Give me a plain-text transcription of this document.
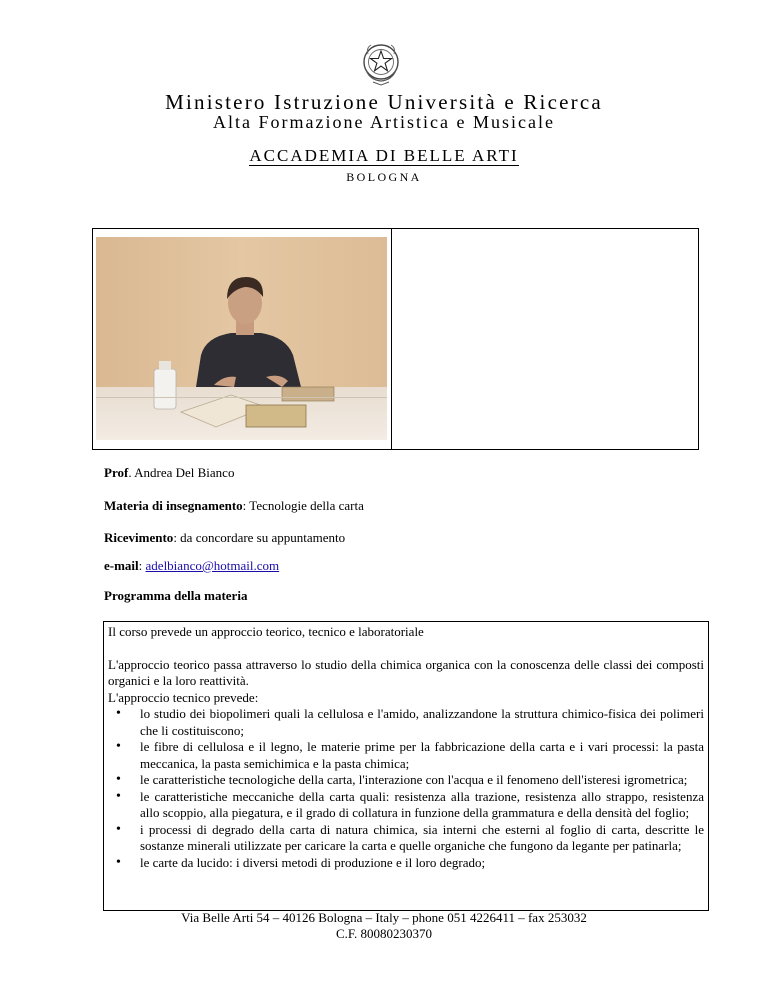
Ministero Istruzione Università e Ricerca
Alta Formazione Artistica e Musicale
ACCADEMIA DI BELLE ARTI
BOLOGNA
Prof. Andrea Del Bianco
Materia di insegnamento: Tecnologie della carta
Ricevimento: da concordare su appuntamento
e-mail: adelbianco@hotmail.com
Programma della materia

Il corso prevede un approccio teorico, tecnico e laboratoriale

L'approccio teorico passa attraverso lo studio della chimica organica con la conoscenza delle classi dei composti organici e la loro reattività.

L'approccio tecnico prevede:

• lo studio dei biopolimeri quali la cellulosa e l'amido, analizzandone la struttura chimico-fisica dei polimeri che li costituiscono;
• le fibre di cellulosa e il legno, le materie prime per la fabbricazione della carta e i vari processi: la pasta meccanica, la pasta semichimica e la pasta chimica;
• le caratteristiche tecnologiche della carta, l'interazione con l'acqua e il fenomeno dell'isteresi igrometrica;
• le caratteristiche meccaniche della carta quali: resistenza alla trazione, resistenza allo strappo, resistenza allo scoppio, alla piegatura, e il grado di collatura in funzione della grammatura e della densità del foglio;
• i processi di degrado della carta di natura chimica, sia interni che esterni al foglio di carta, descritte le sostanze minerali utilizzate per caricare la carta e quelle organiche che fungono da legante per patinarla;
• le carte da lucido: i diversi metodi di produzione e il loro degrado;
Via Belle Arti 54 – 40126 Bologna – Italy – phone 051 4226411 – fax 253032
C.F. 80080230370
